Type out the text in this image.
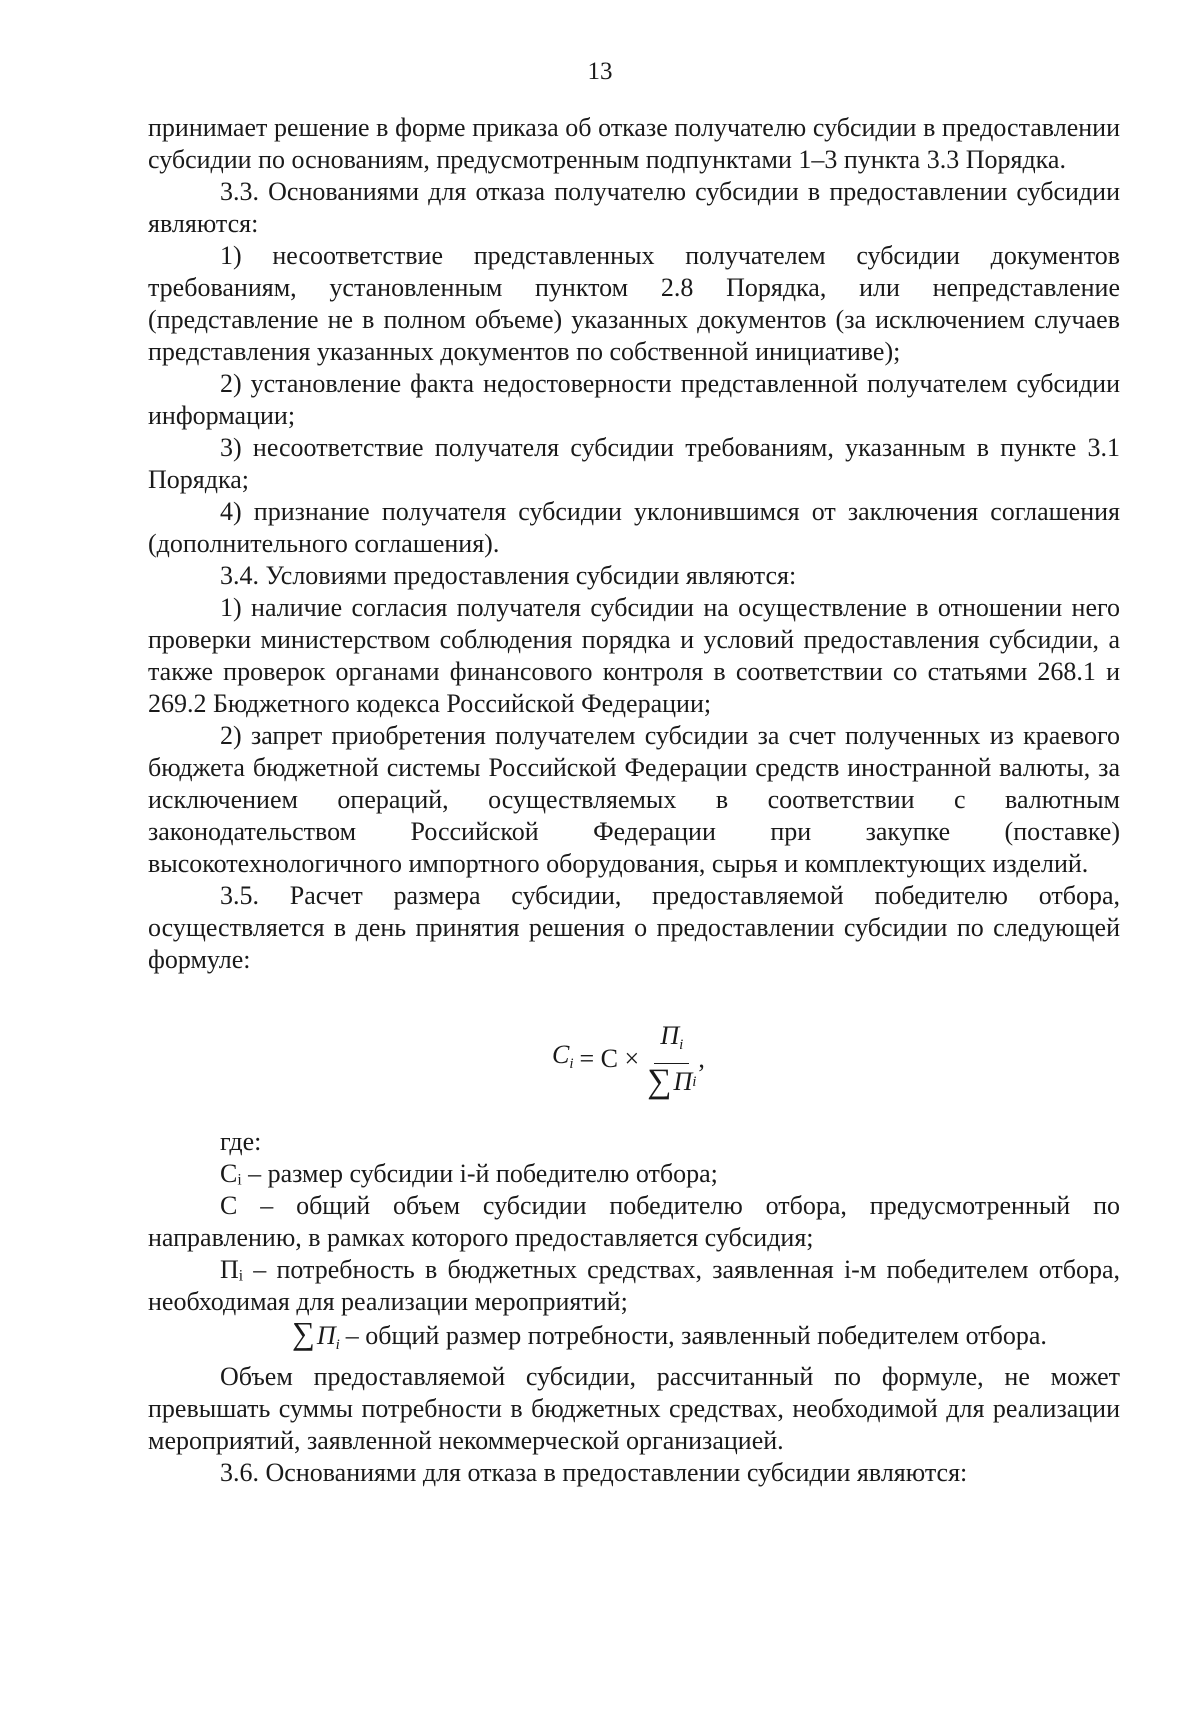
13

принимает решение в форме приказа об отказе получателю субсидии в предоставлении субсидии по основаниям, предусмотренным подпунктами 1–3 пункта 3.3 Порядка.

3.3. Основаниями для отказа получателю субсидии в предоставлении субсидии являются:

1) несоответствие представленных получателем субсидии документов требованиям, установленным пунктом 2.8 Порядка, или непредставление (представление не в полном объеме) указанных документов (за исключением случаев представления указанных документов по собственной инициативе);

2) установление факта недостоверности представленной получателем субсидии информации;

3) несоответствие получателя субсидии требованиям, указанным в пункте 3.1 Порядка;

4) признание получателя субсидии уклонившимся от заключения соглашения (дополнительного соглашения).

3.4. Условиями предоставления субсидии являются:

1) наличие согласия получателя субсидии на осуществление в отношении него проверки министерством соблюдения порядка и условий предоставления субсидии, а также проверок органами финансового контроля в соответствии со статьями 268.1 и 269.2 Бюджетного кодекса Российской Федерации;

2) запрет приобретения получателем субсидии за счет полученных из краевого бюджета бюджетной системы Российской Федерации средств иностранной валюты, за исключением операций, осуществляемых в соответствии с валютным законодательством Российской Федерации при закупке (поставке) высокотехнологичного импортного оборудования, сырья и комплектующих изделий.

3.5. Расчет размера субсидии, предоставляемой победителю отбора, осуществляется в день принятия решения о предоставлении субсидии по следующей формуле:

$C_i = C \times \frac{П_i}{\text{∑ П i}}$ ,

где:

Cᵢ – размер субсидии і-й победителю отбора;

C – общий объем субсидии победителю отбора, предусмотренный по направлению, в рамках которого предоставляется субсидия;

Пᵢ – потребность в бюджетных средствах, заявленная і-м победителем отбора, необходимая для реализации мероприятий;

$\sum П_i$ – общий размер потребности, заявленный победителем отбора.

Объем предоставляемой субсидии, рассчитанный по формуле, не может превышать суммы потребности в бюджетных средствах, необходимой для реализации мероприятий, заявленной некоммерческой организацией.

3.6. Основаниями для отказа в предоставлении субсидии являются:
